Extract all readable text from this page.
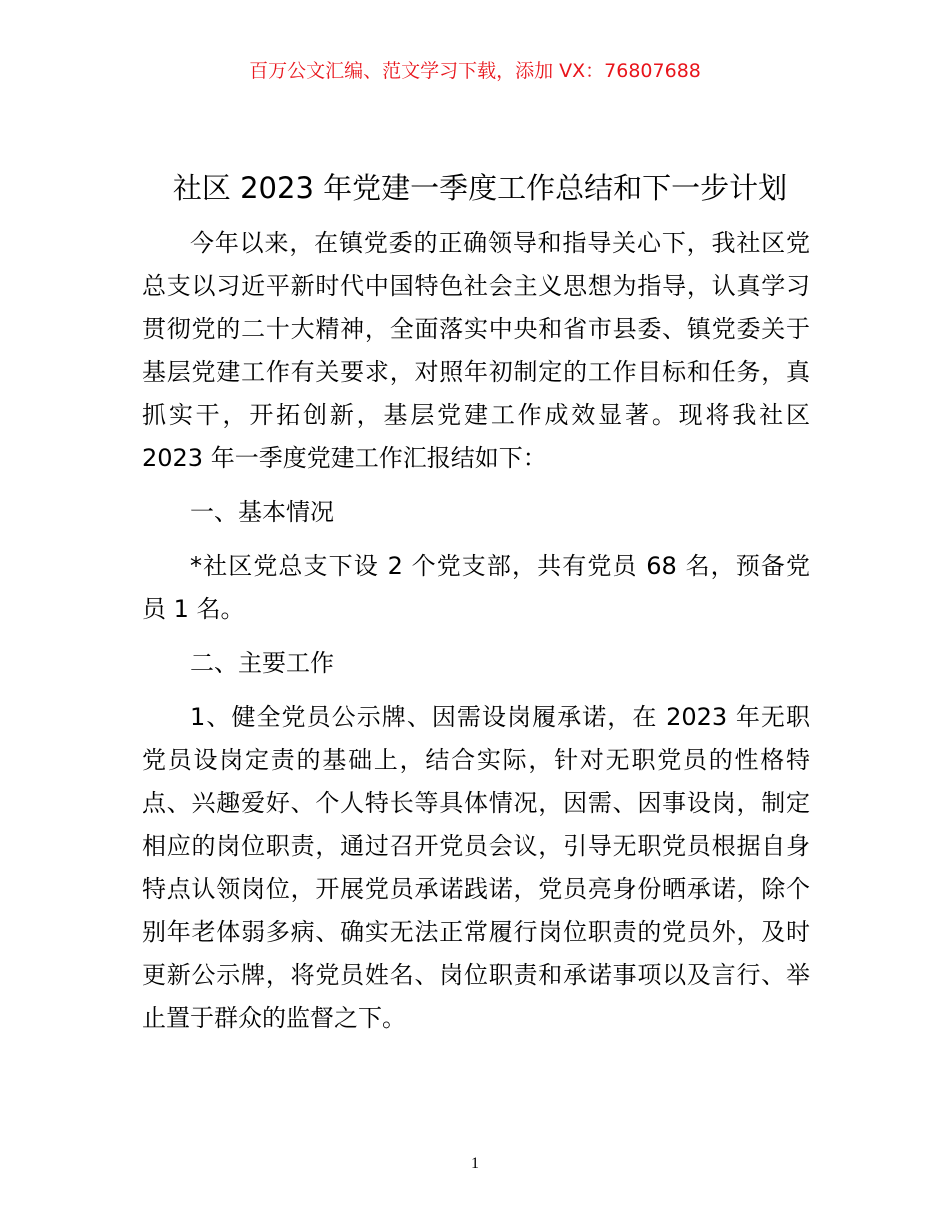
百万公文汇编、范文学习下载，添加 VX：76807688
社区 2023 年党建一季度工作总结和下一步计划
今年以来，在镇党委的正确领导和指导关心下，我社区党
总支以习近平新时代中国特色社会主义思想为指导，认真学习
贯彻党的二十大精神，全面落实中央和省市县委、镇党委关于
基层党建工作有关要求，对照年初制定的工作目标和任务，真
抓实干，开拓创新，基层党建工作成效显著。现将我社区
2023 年一季度党建工作汇报结如下：
一、基本情况
*社区党总支下设 2 个党支部，共有党员 68 名，预备党
员 1 名。
二、主要工作
1、健全党员公示牌、因需设岗履承诺，在 2023 年无职
党员设岗定责的基础上，结合实际，针对无职党员的性格特
点、兴趣爱好、个人特长等具体情况，因需、因事设岗，制定
相应的岗位职责，通过召开党员会议，引导无职党员根据自身
特点认领岗位，开展党员承诺践诺，党员亮身份晒承诺，除个
别年老体弱多病、确实无法正常履行岗位职责的党员外，及时
更新公示牌，将党员姓名、岗位职责和承诺事项以及言行、举
止置于群众的监督之下。
1
